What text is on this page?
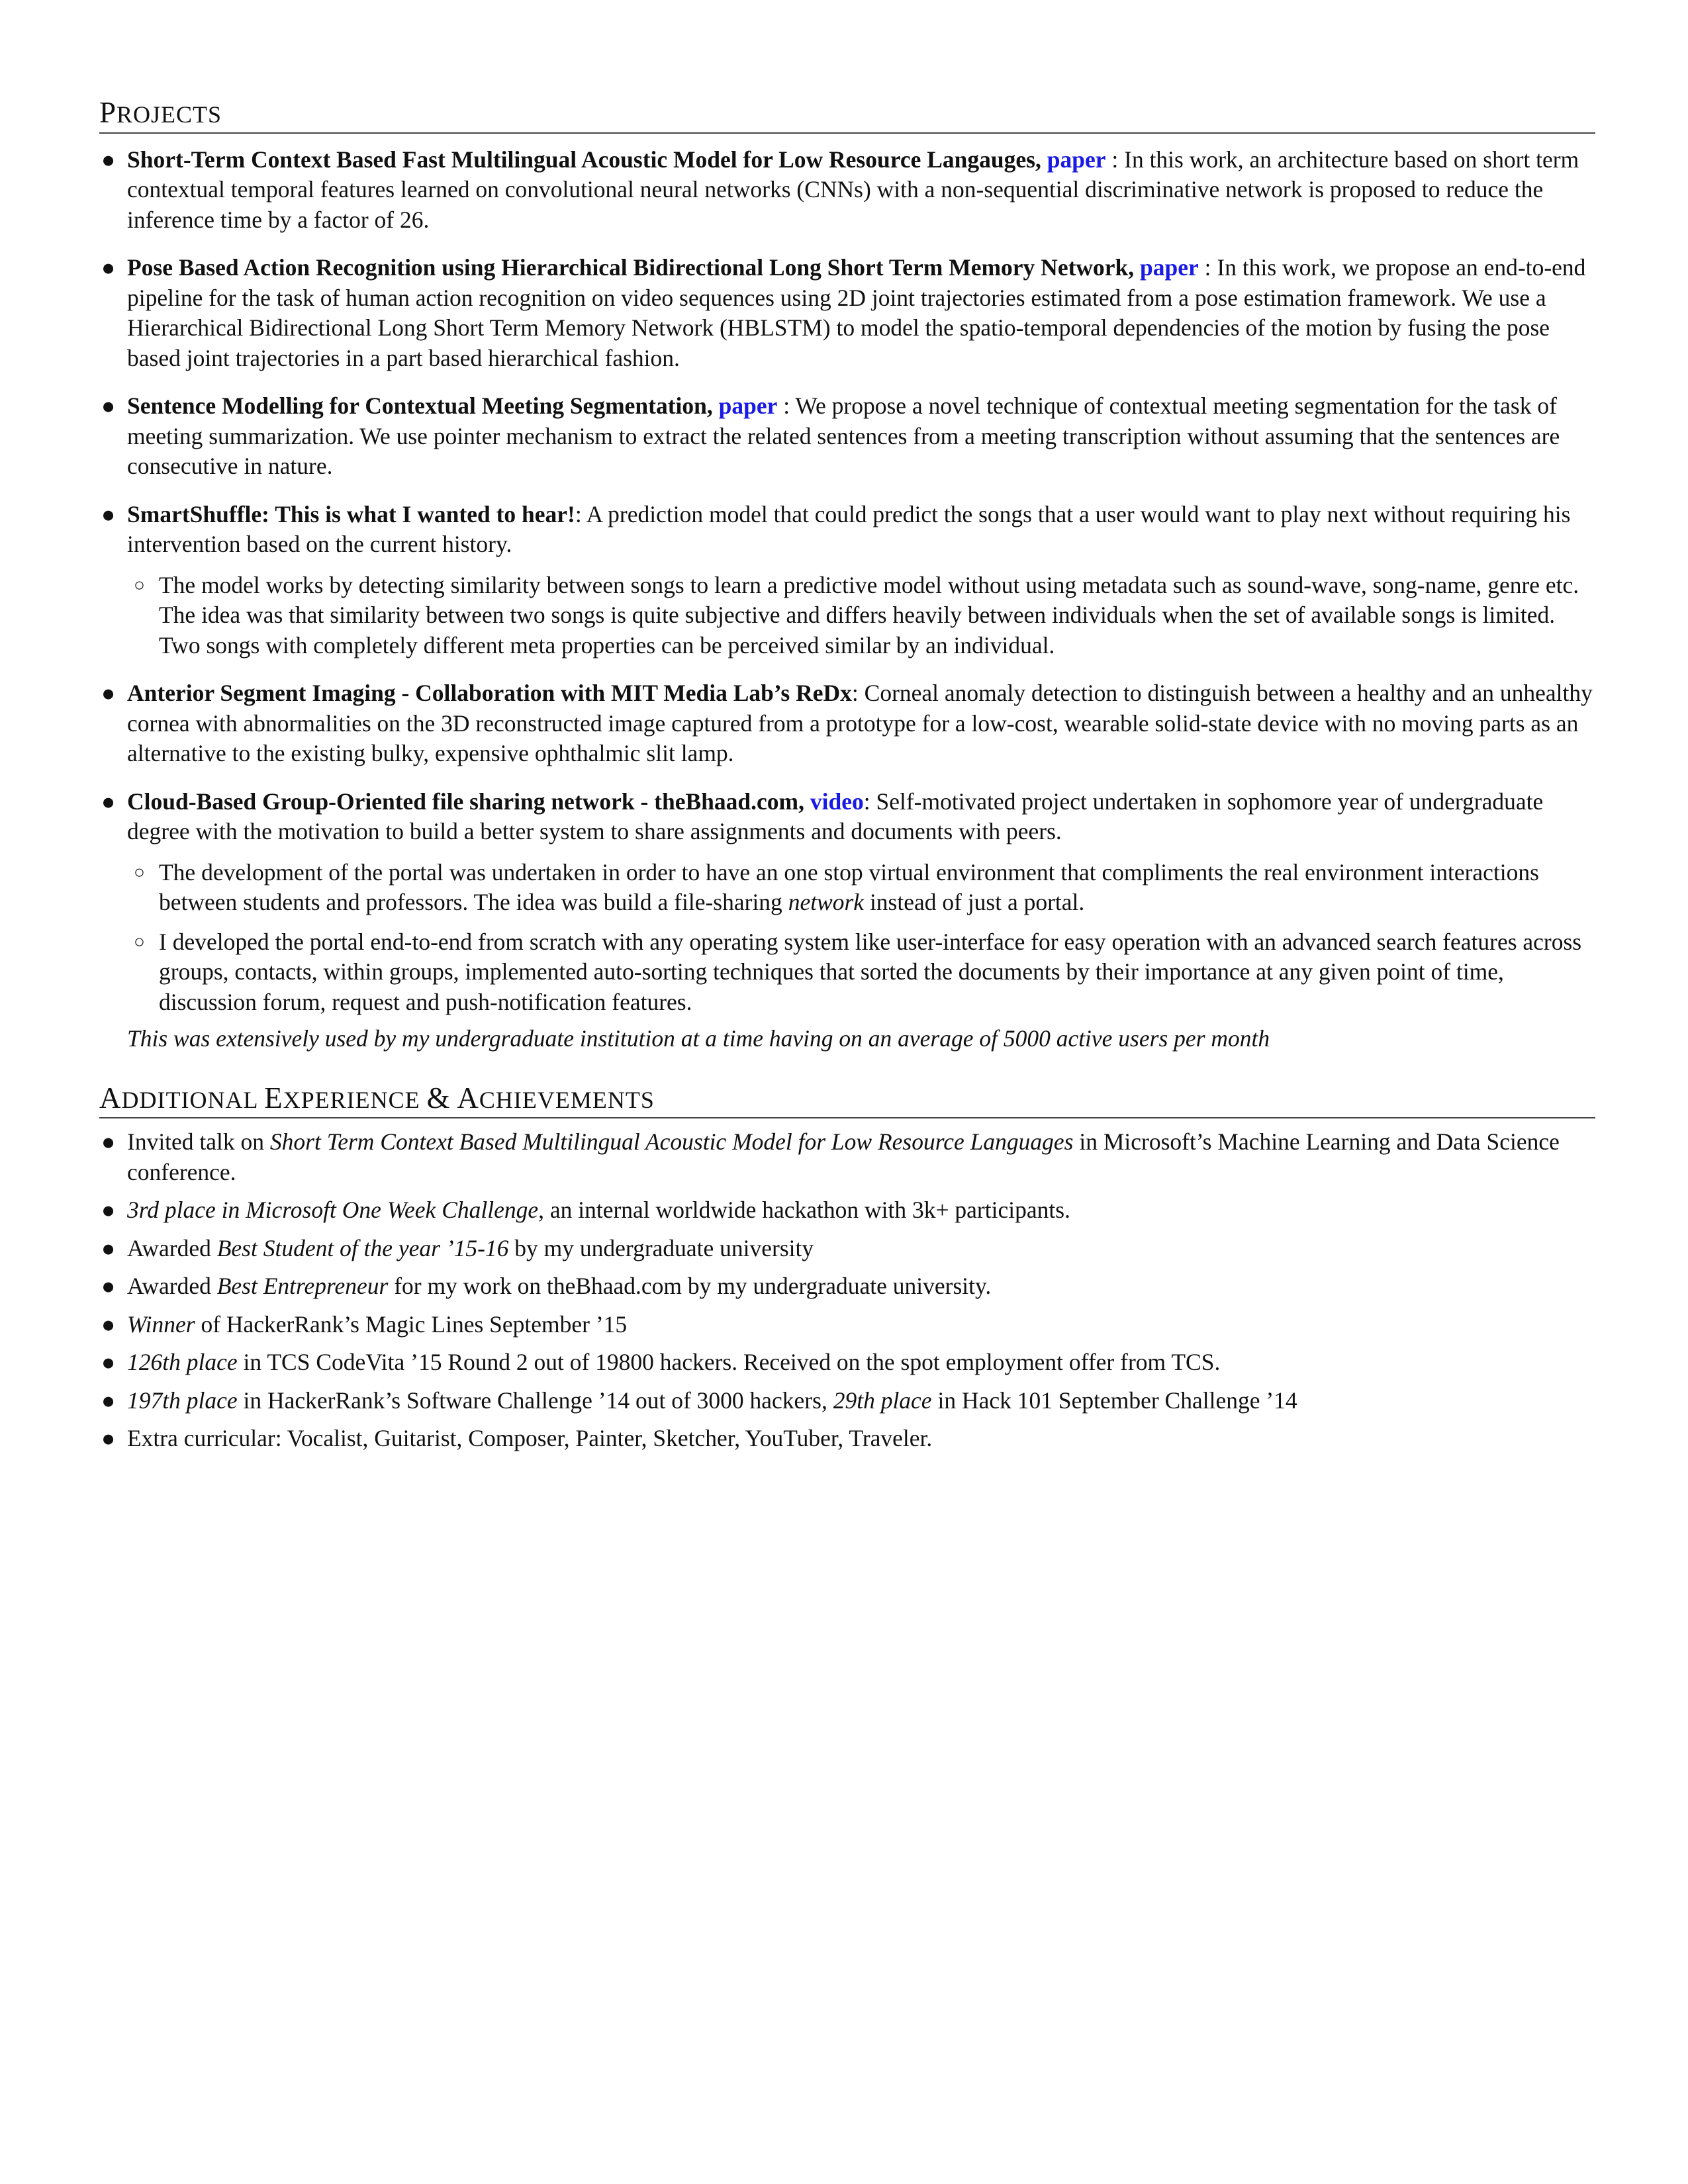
PROJECTS
● Short-Term Context Based Fast Multilingual Acoustic Model for Low Resource Langauges, paper : In this work, an architecture based on short term contextual temporal features learned on convolutional neural networks (CNNs) with a non-sequential discriminative network is proposed to reduce the inference time by a factor of 26.
● Pose Based Action Recognition using Hierarchical Bidirectional Long Short Term Memory Network, paper : In this work, we propose an end-to-end pipeline for the task of human action recognition on video sequences using 2D joint trajectories estimated from a pose estimation framework. We use a Hierarchical Bidirectional Long Short Term Memory Network (HBLSTM) to model the spatio-temporal dependencies of the motion by fusing the pose based joint trajectories in a part based hierarchical fashion.
● Sentence Modelling for Contextual Meeting Segmentation, paper : We propose a novel technique of contextual meeting segmentation for the task of meeting summarization. We use pointer mechanism to extract the related sentences from a meeting transcription without assuming that the sentences are consecutive in nature.
● SmartShuffle: This is what I wanted to hear!: A prediction model that could predict the songs that a user would want to play next without requiring his intervention based on the current history.
○ The model works by detecting similarity between songs to learn a predictive model without using metadata such as sound-wave, song-name, genre etc. The idea was that similarity between two songs is quite subjective and differs heavily between individuals when the set of available songs is limited. Two songs with completely different meta properties can be perceived similar by an individual.
● Anterior Segment Imaging - Collaboration with MIT Media Lab’s ReDx: Corneal anomaly detection to distinguish between a healthy and an unhealthy cornea with abnormalities on the 3D reconstructed image captured from a prototype for a low-cost, wearable solid-state device with no moving parts as an alternative to the existing bulky, expensive ophthalmic slit lamp.
● Cloud-Based Group-Oriented file sharing network - theBhaad.com, video: Self-motivated project undertaken in sophomore year of undergraduate degree with the motivation to build a better system to share assignments and documents with peers.
○ The development of the portal was undertaken in order to have an one stop virtual environment that compliments the real environment interactions between students and professors. The idea was build a file-sharing network instead of just a portal.
○ I developed the portal end-to-end from scratch with any operating system like user-interface for easy operation with an advanced search features across groups, contacts, within groups, implemented auto-sorting techniques that sorted the documents by their importance at any given point of time, discussion forum, request and push-notification features.
This was extensively used by my undergraduate institution at a time having on an average of 5000 active users per month
ADDITIONAL EXPERIENCE & ACHIEVEMENTS
● Invited talk on Short Term Context Based Multilingual Acoustic Model for Low Resource Languages in Microsoft’s Machine Learning and Data Science conference.
● 3rd place in Microsoft One Week Challenge, an internal worldwide hackathon with 3k+ participants.
● Awarded Best Student of the year ’15-16 by my undergraduate university
● Awarded Best Entrepreneur for my work on theBhaad.com by my undergraduate university.
● Winner of HackerRank’s Magic Lines September ’15
● 126th place in TCS CodeVita ’15 Round 2 out of 19800 hackers. Received on the spot employment offer from TCS.
● 197th place in HackerRank’s Software Challenge ’14 out of 3000 hackers, 29th place in Hack 101 September Challenge ’14
● Extra curricular: Vocalist, Guitarist, Composer, Painter, Sketcher, YouTuber, Traveler.
